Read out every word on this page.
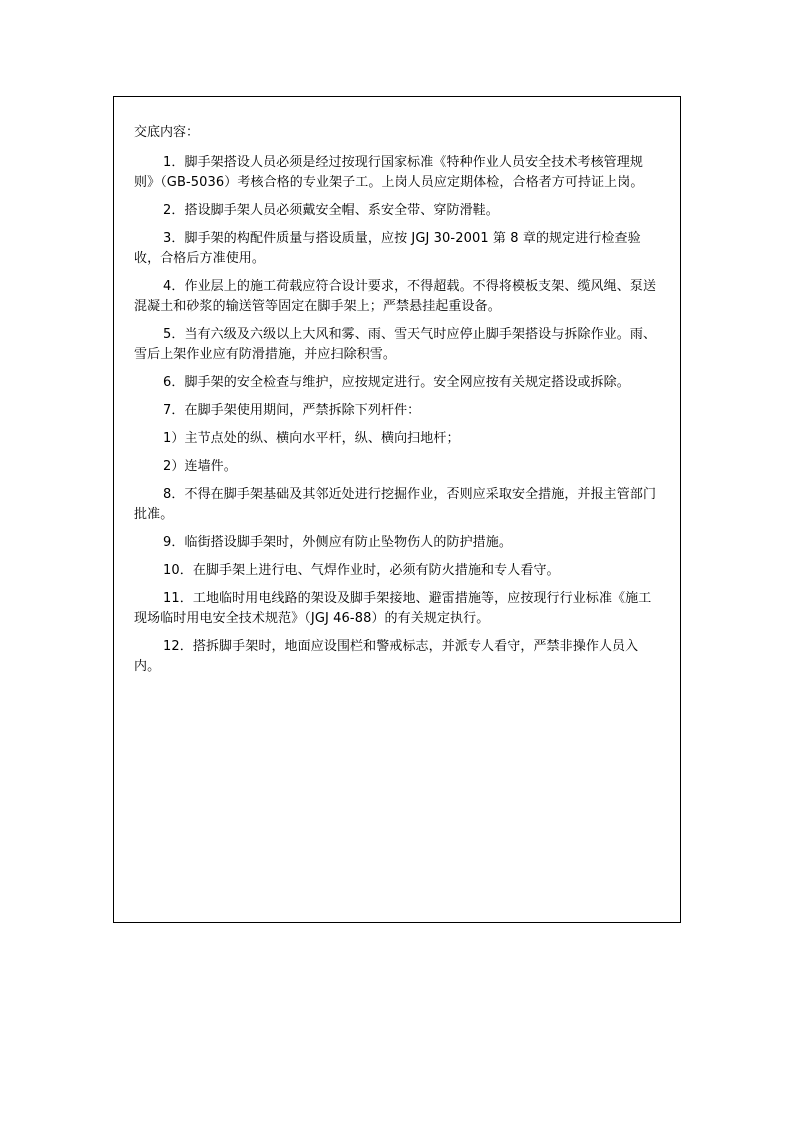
交底内容：

1．脚手架搭设人员必须是经过按现行国家标准《特种作业人员安全技术考核管理规则》（GB-5036）考核合格的专业架子工。上岗人员应定期体检，合格者方可持证上岗。

2．搭设脚手架人员必须戴安全帽、系安全带、穿防滑鞋。

3．脚手架的构配件质量与搭设质量，应按 JGJ 30-2001 第 8 章的规定进行检查验收，合格后方准使用。

4．作业层上的施工荷载应符合设计要求，不得超载。不得将模板支架、缆风绳、泵送混凝土和砂浆的输送管等固定在脚手架上；严禁悬挂起重设备。

5．当有六级及六级以上大风和雾、雨、雪天气时应停止脚手架搭设与拆除作业。雨、雪后上架作业应有防滑措施，并应扫除积雪。

6．脚手架的安全检查与维护，应按规定进行。安全网应按有关规定搭设或拆除。

7．在脚手架使用期间，严禁拆除下列杆件：

1）主节点处的纵、横向水平杆，纵、横向扫地杆；

2）连墙件。

8．不得在脚手架基础及其邻近处进行挖掘作业，否则应采取安全措施，并报主管部门批准。

9．临街搭设脚手架时，外侧应有防止坠物伤人的防护措施。

10．在脚手架上进行电、气焊作业时，必须有防火措施和专人看守。

11．工地临时用电线路的架设及脚手架接地、避雷措施等，应按现行行业标准《施工现场临时用电安全技术规范》（JGJ 46-88）的有关规定执行。

12．搭拆脚手架时，地面应设围栏和警戒标志，并派专人看守，严禁非操作人员入内。
